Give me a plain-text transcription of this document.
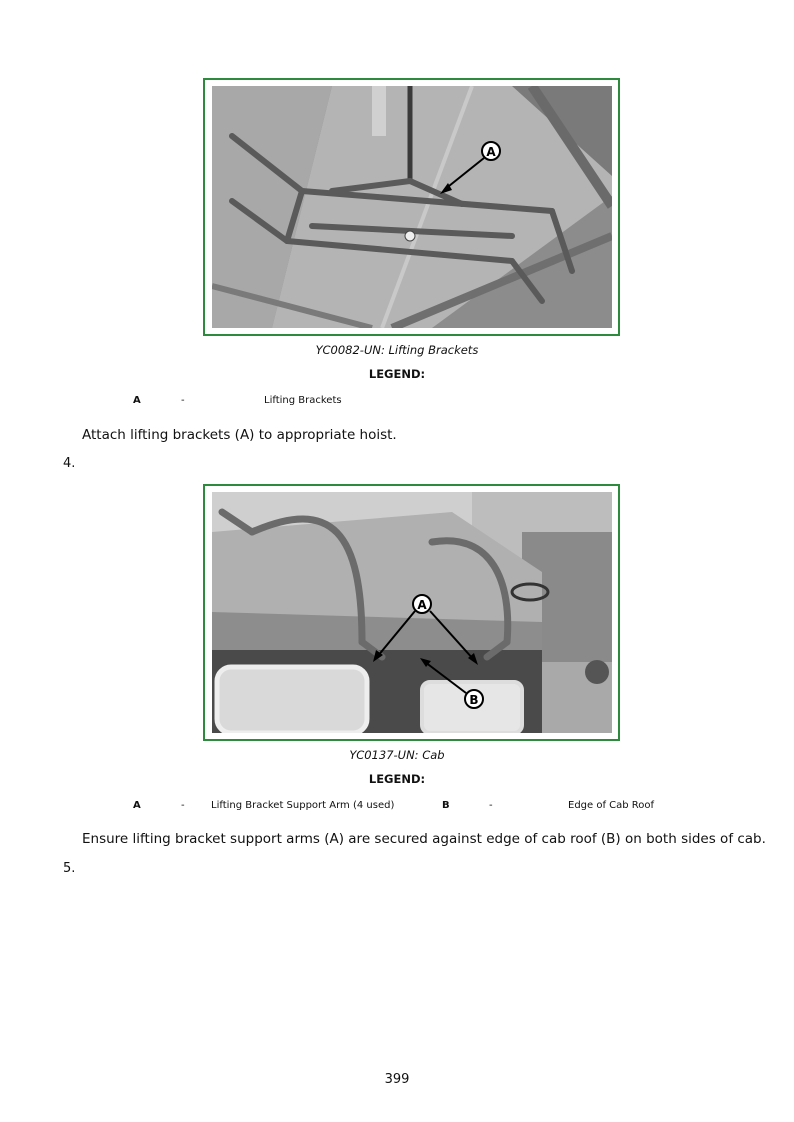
A
YC0082-UN: Lifting Brackets
LEGEND:
A	-	Lifting Brackets
Attach lifting brackets (A) to appropriate hoist.
4.
A
B
YC0137-UN: Cab
LEGEND:
A	-	Lifting Bracket Support Arm (4 used)	B	-	Edge of Cab Roof
Ensure lifting bracket support arms (A) are secured against edge of cab roof (B) on both sides of cab.
5.
399
